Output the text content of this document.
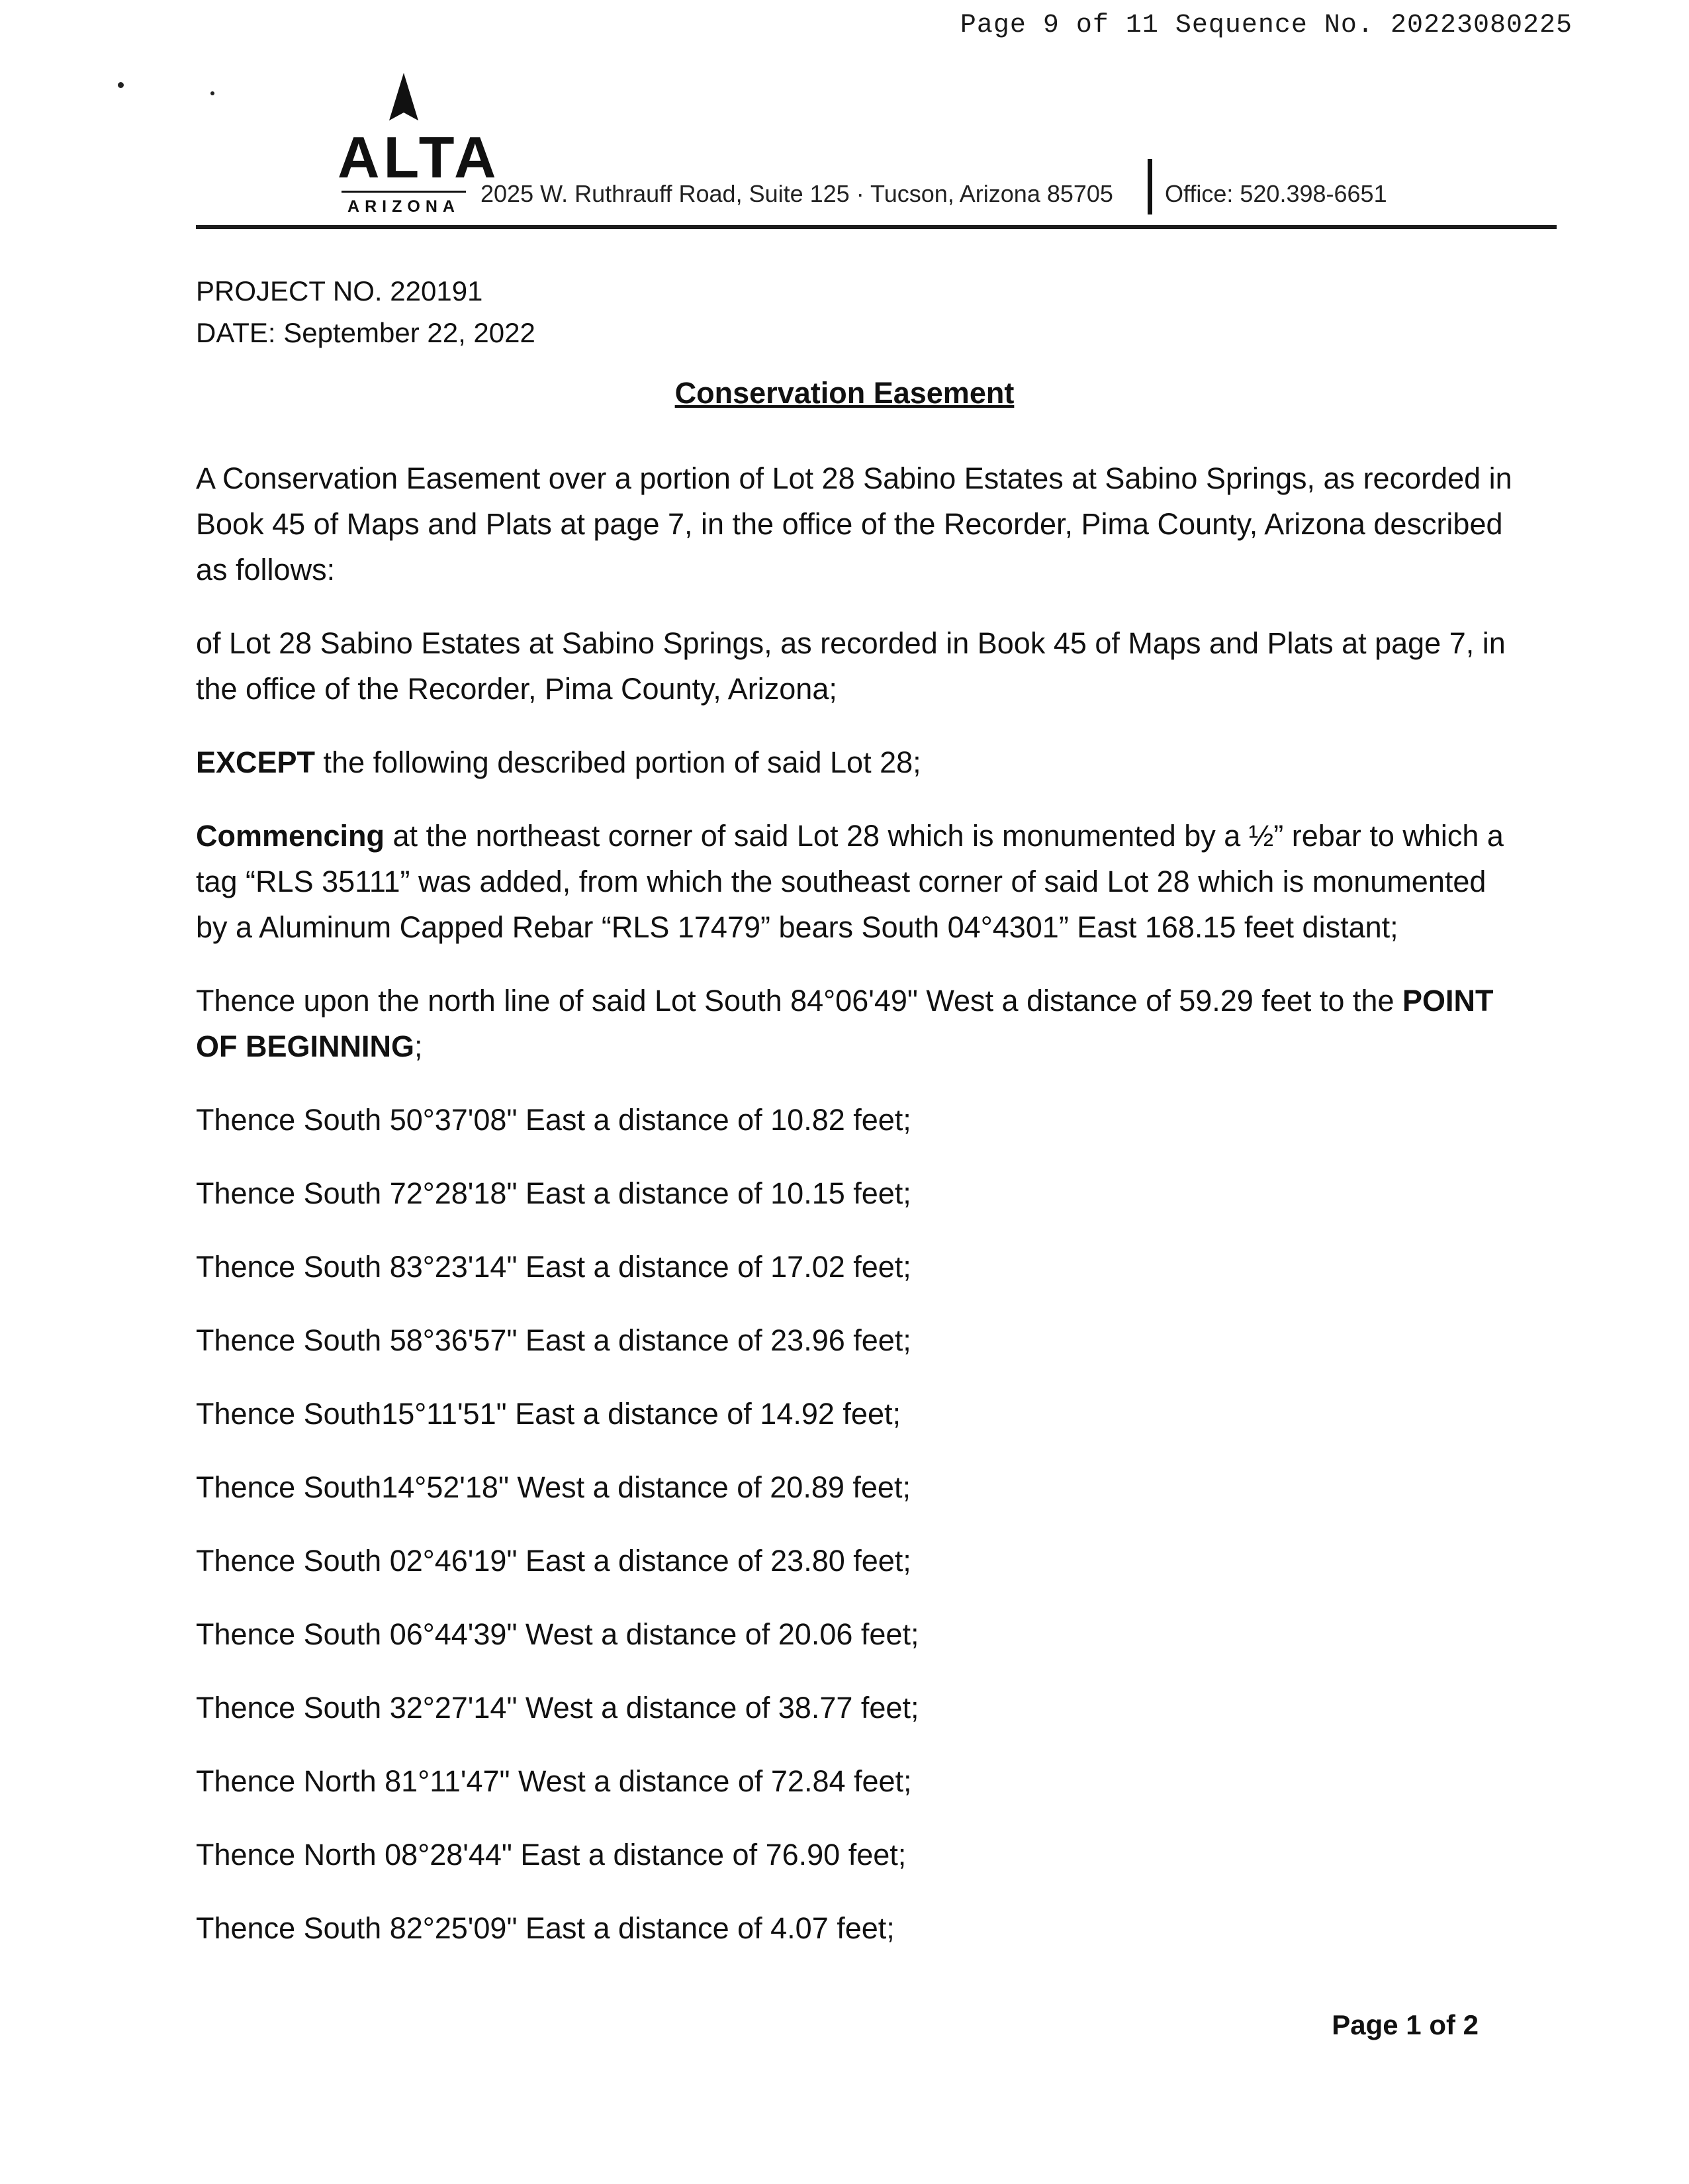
Page 9 of 11 Sequence No. 20223080225
ALTA
ARIZONA 2025 W. Ruthrauff Road, Suite 125 · Tucson, Arizona 85705 Office: 520.398-6651
PROJECT NO. 220191
DATE: September 22, 2022
Conservation Easement

A Conservation Easement over a portion of Lot 28 Sabino Estates at Sabino Springs, as recorded in Book 45 of Maps and Plats at page 7, in the office of the Recorder, Pima County, Arizona described as follows:

of Lot 28 Sabino Estates at Sabino Springs, as recorded in Book 45 of Maps and Plats at page 7, in the office of the Recorder, Pima County, Arizona;

EXCEPT the following described portion of said Lot 28;

Commencing at the northeast corner of said Lot 28 which is monumented by a ½” rebar to which a tag “RLS 35111” was added, from which the southeast corner of said Lot 28 which is monumented by a Aluminum Capped Rebar “RLS 17479” bears South 04°4301” East 168.15 feet distant;

Thence upon the north line of said Lot South 84°06'49" West a distance of 59.29 feet to the POINT OF BEGINNING;

Thence South 50°37'08" East a distance of 10.82 feet;
Thence South 72°28'18" East a distance of 10.15 feet;
Thence South 83°23'14" East a distance of 17.02 feet;
Thence South 58°36'57" East a distance of 23.96 feet;
Thence South15°11'51" East a distance of 14.92 feet;
Thence South14°52'18" West a distance of 20.89 feet;
Thence South 02°46'19" East a distance of 23.80 feet;
Thence South 06°44'39" West a distance of 20.06 feet;
Thence South 32°27'14" West a distance of 38.77 feet;
Thence North 81°11'47" West a distance of 72.84 feet;
Thence North 08°28'44" East a distance of 76.90 feet;
Thence South 82°25'09" East a distance of 4.07 feet;
Page 1 of 2
